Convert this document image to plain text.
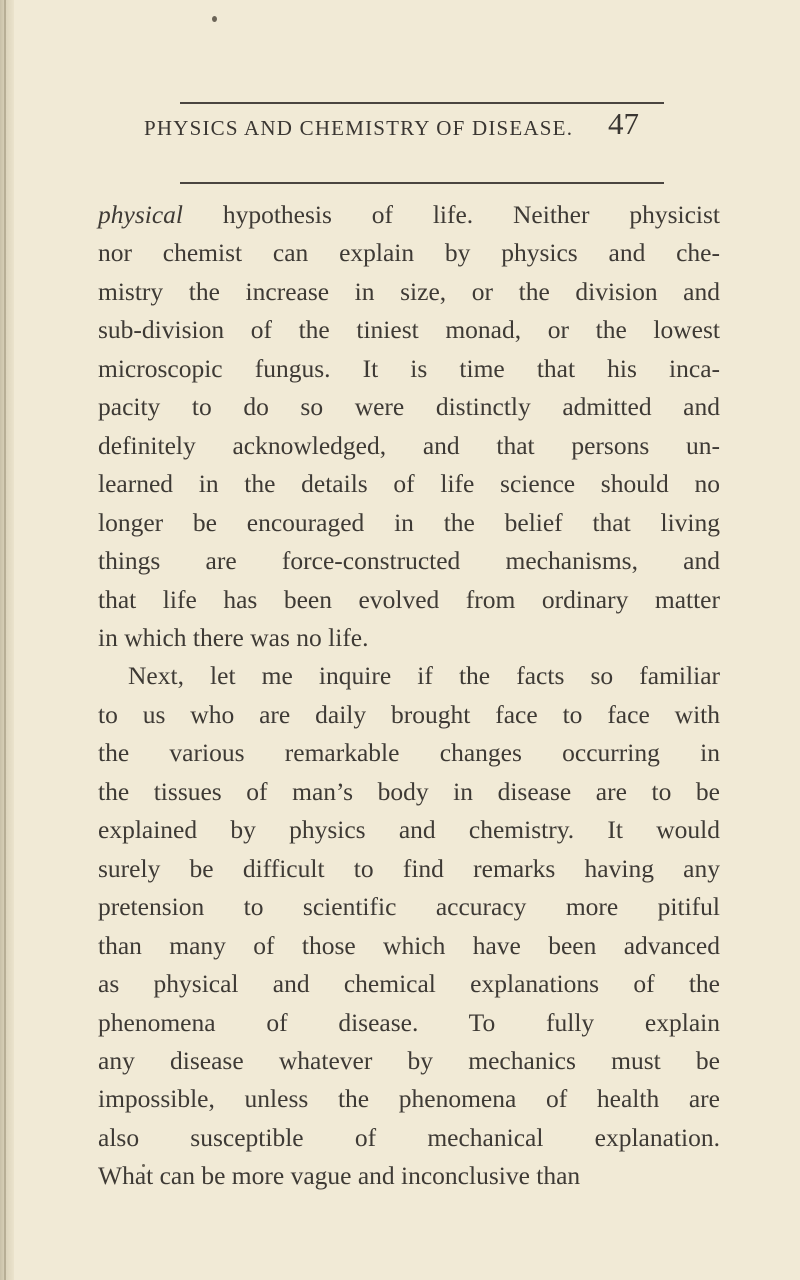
PHYSICS AND CHEMISTRY OF DISEASE.	47
physical hypothesis of life. Neither physicist
nor chemist can explain by physics and che-
mistry the increase in size, or the division and
sub-division of the tiniest monad, or the lowest
microscopic fungus. It is time that his inca-
pacity to do so were distinctly admitted and
definitely acknowledged, and that persons un-
learned in the details of life science should no
longer be encouraged in the belief that living
things are force-constructed mechanisms, and
that life has been evolved from ordinary matter
in which there was no life.
Next, let me inquire if the facts so familiar
to us who are daily brought face to face with
the various remarkable changes occurring in
the tissues of man’s body in disease are to be
explained by physics and chemistry. It would
surely be difficult to find remarks having any
pretension to scientific accuracy more pitiful
than many of those which have been advanced
as physical and chemical explanations of the
phenomena of disease. To fully explain
any disease whatever by mechanics must be
impossible, unless the phenomena of health are
also susceptible of mechanical explanation.
What can be more vague and inconclusive than
